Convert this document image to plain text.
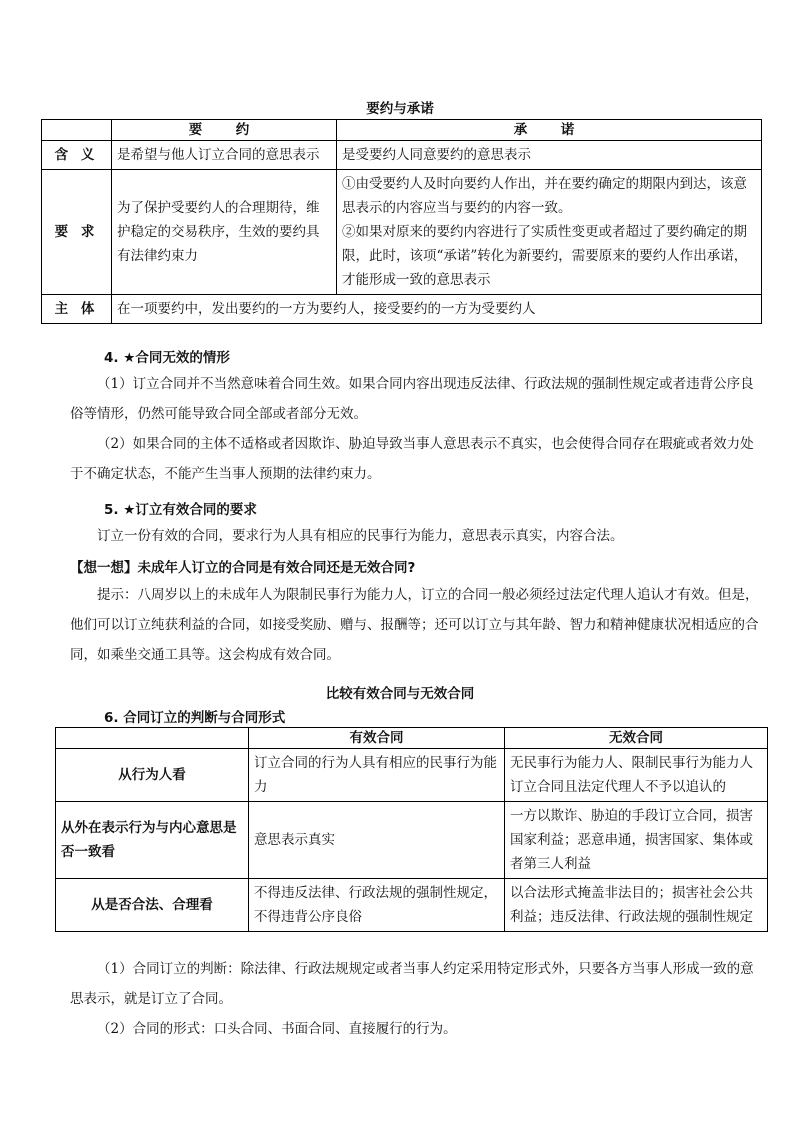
要约与承诺
	要　约	承　诺
含 义	是希望与他人订立合同的意思表示	是受要约人同意要约的意思表示
要 求	为了保护受要约人的合理期待，维护稳定的交易秩序，生效的要约具有法律约束力	①由受要约人及时向要约人作出，并在要约确定的期限内到达，该意思表示的内容应当与要约的内容一致。
②如果对原来的要约内容进行了实质性变更或者超过了要约确定的期限，此时，该项“承诺”转化为新要约，需要原来的要约人作出承诺，才能形成一致的意思表示

主 体	在一项要约中，发出要约的一方为要约人，接受要约的一方为受要约人	
4. ★合同无效的情形

（1）订立合同并不当然意味着合同生效。如果合同内容出现违反法律、行政法规的强制性规定或者违背公序良俗等情形，仍然可能导致合同全部或者部分无效。

（2）如果合同的主体不适格或者因欺诈、胁迫导致当事人意思表示不真实，也会使得合同存在瑕疵或者效力处于不确定状态，不能产生当事人预期的法律约束力。

5. ★订立有效合同的要求

订立一份有效的合同，要求行为人具有相应的民事行为能力，意思表示真实，内容合法。

【想一想】未成年人订立的合同是有效合同还是无效合同?

提示：八周岁以上的未成年人为限制民事行为能力人，订立的合同一般必须经过法定代理人追认才有效。但是，他们可以订立纯获利益的合同，如接受奖励、赠与、报酬等；还可以订立与其年龄、智力和精神健康状况相适应的合同，如乘坐交通工具等。这会构成有效合同。

比较有效合同与无效合同
6. 合同订立的判断与合同形式
	有效合同	无效合同
从行为人看	订立合同的行为人具有相应的民事行为能力	无民事行为能力人、限制民事行为能力人订立合同且法定代理人不予以追认的
从外在表示行为与内心意思是否一致看	意思表示真实	一方以欺诈、胁迫的手段订立合同，损害国家利益；恶意串通，损害国家、集体或者第三人利益
从是否合法、合理看	不得违反法律、行政法规的强制性规定，不得违背公序良俗	以合法形式掩盖非法目的；损害社会公共利益；违反法律、行政法规的强制性规定

（1）合同订立的判断：除法律、行政法规规定或者当事人约定采用特定形式外，只要各方当事人形成一致的意思表示，就是订立了合同。

（2）合同的形式：口头合同、书面合同、直接履行的行为。
